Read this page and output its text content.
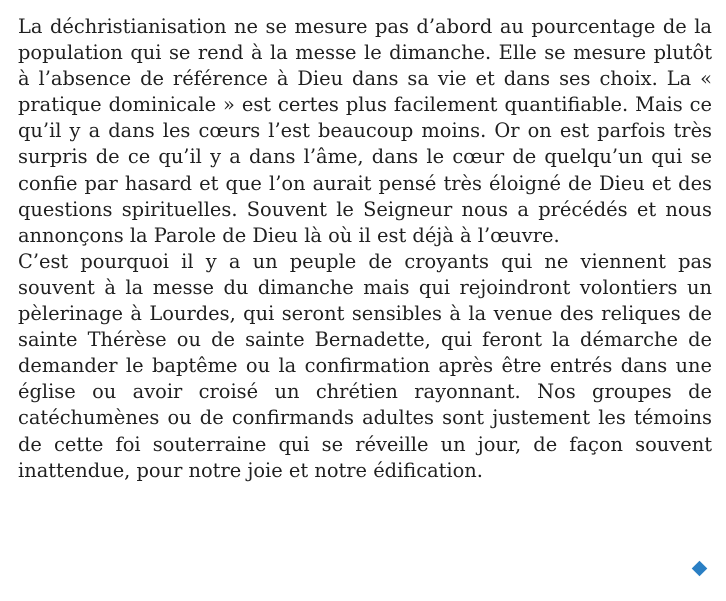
La déchristianisation ne se mesure pas d’abord au pourcentage de la population qui se rend à la messe le dimanche. Elle se mesure plutôt à l’absence de référence à Dieu dans sa vie et dans ses choix. La « pratique dominicale » est certes plus facilement quantifiable. Mais ce qu’il y a dans les cœurs l’est beaucoup moins. Or on est parfois très surpris de ce qu’il y a dans l’âme, dans le cœur de quelqu’un qui se confie par hasard et que l’on aurait pensé très éloigné de Dieu et des questions spirituelles. Souvent le Seigneur nous a précédés et nous annonçons la Parole de Dieu là où il est déjà à l’œuvre.

C’est pourquoi il y a un peuple de croyants qui ne viennent pas souvent à la messe du dimanche mais qui rejoindront volontiers un pèlerinage à Lourdes, qui seront sensibles à la venue des reliques de sainte Thérèse ou de sainte Bernadette, qui feront la démarche de demander le baptême ou la confirmation après être entrés dans une église ou avoir croisé un chrétien rayonnant. Nos groupes de catéchumènes ou de confirmands adultes sont justement les témoins de cette foi souterraine qui se réveille un jour, de façon souvent inattendue, pour notre joie et notre édification.
